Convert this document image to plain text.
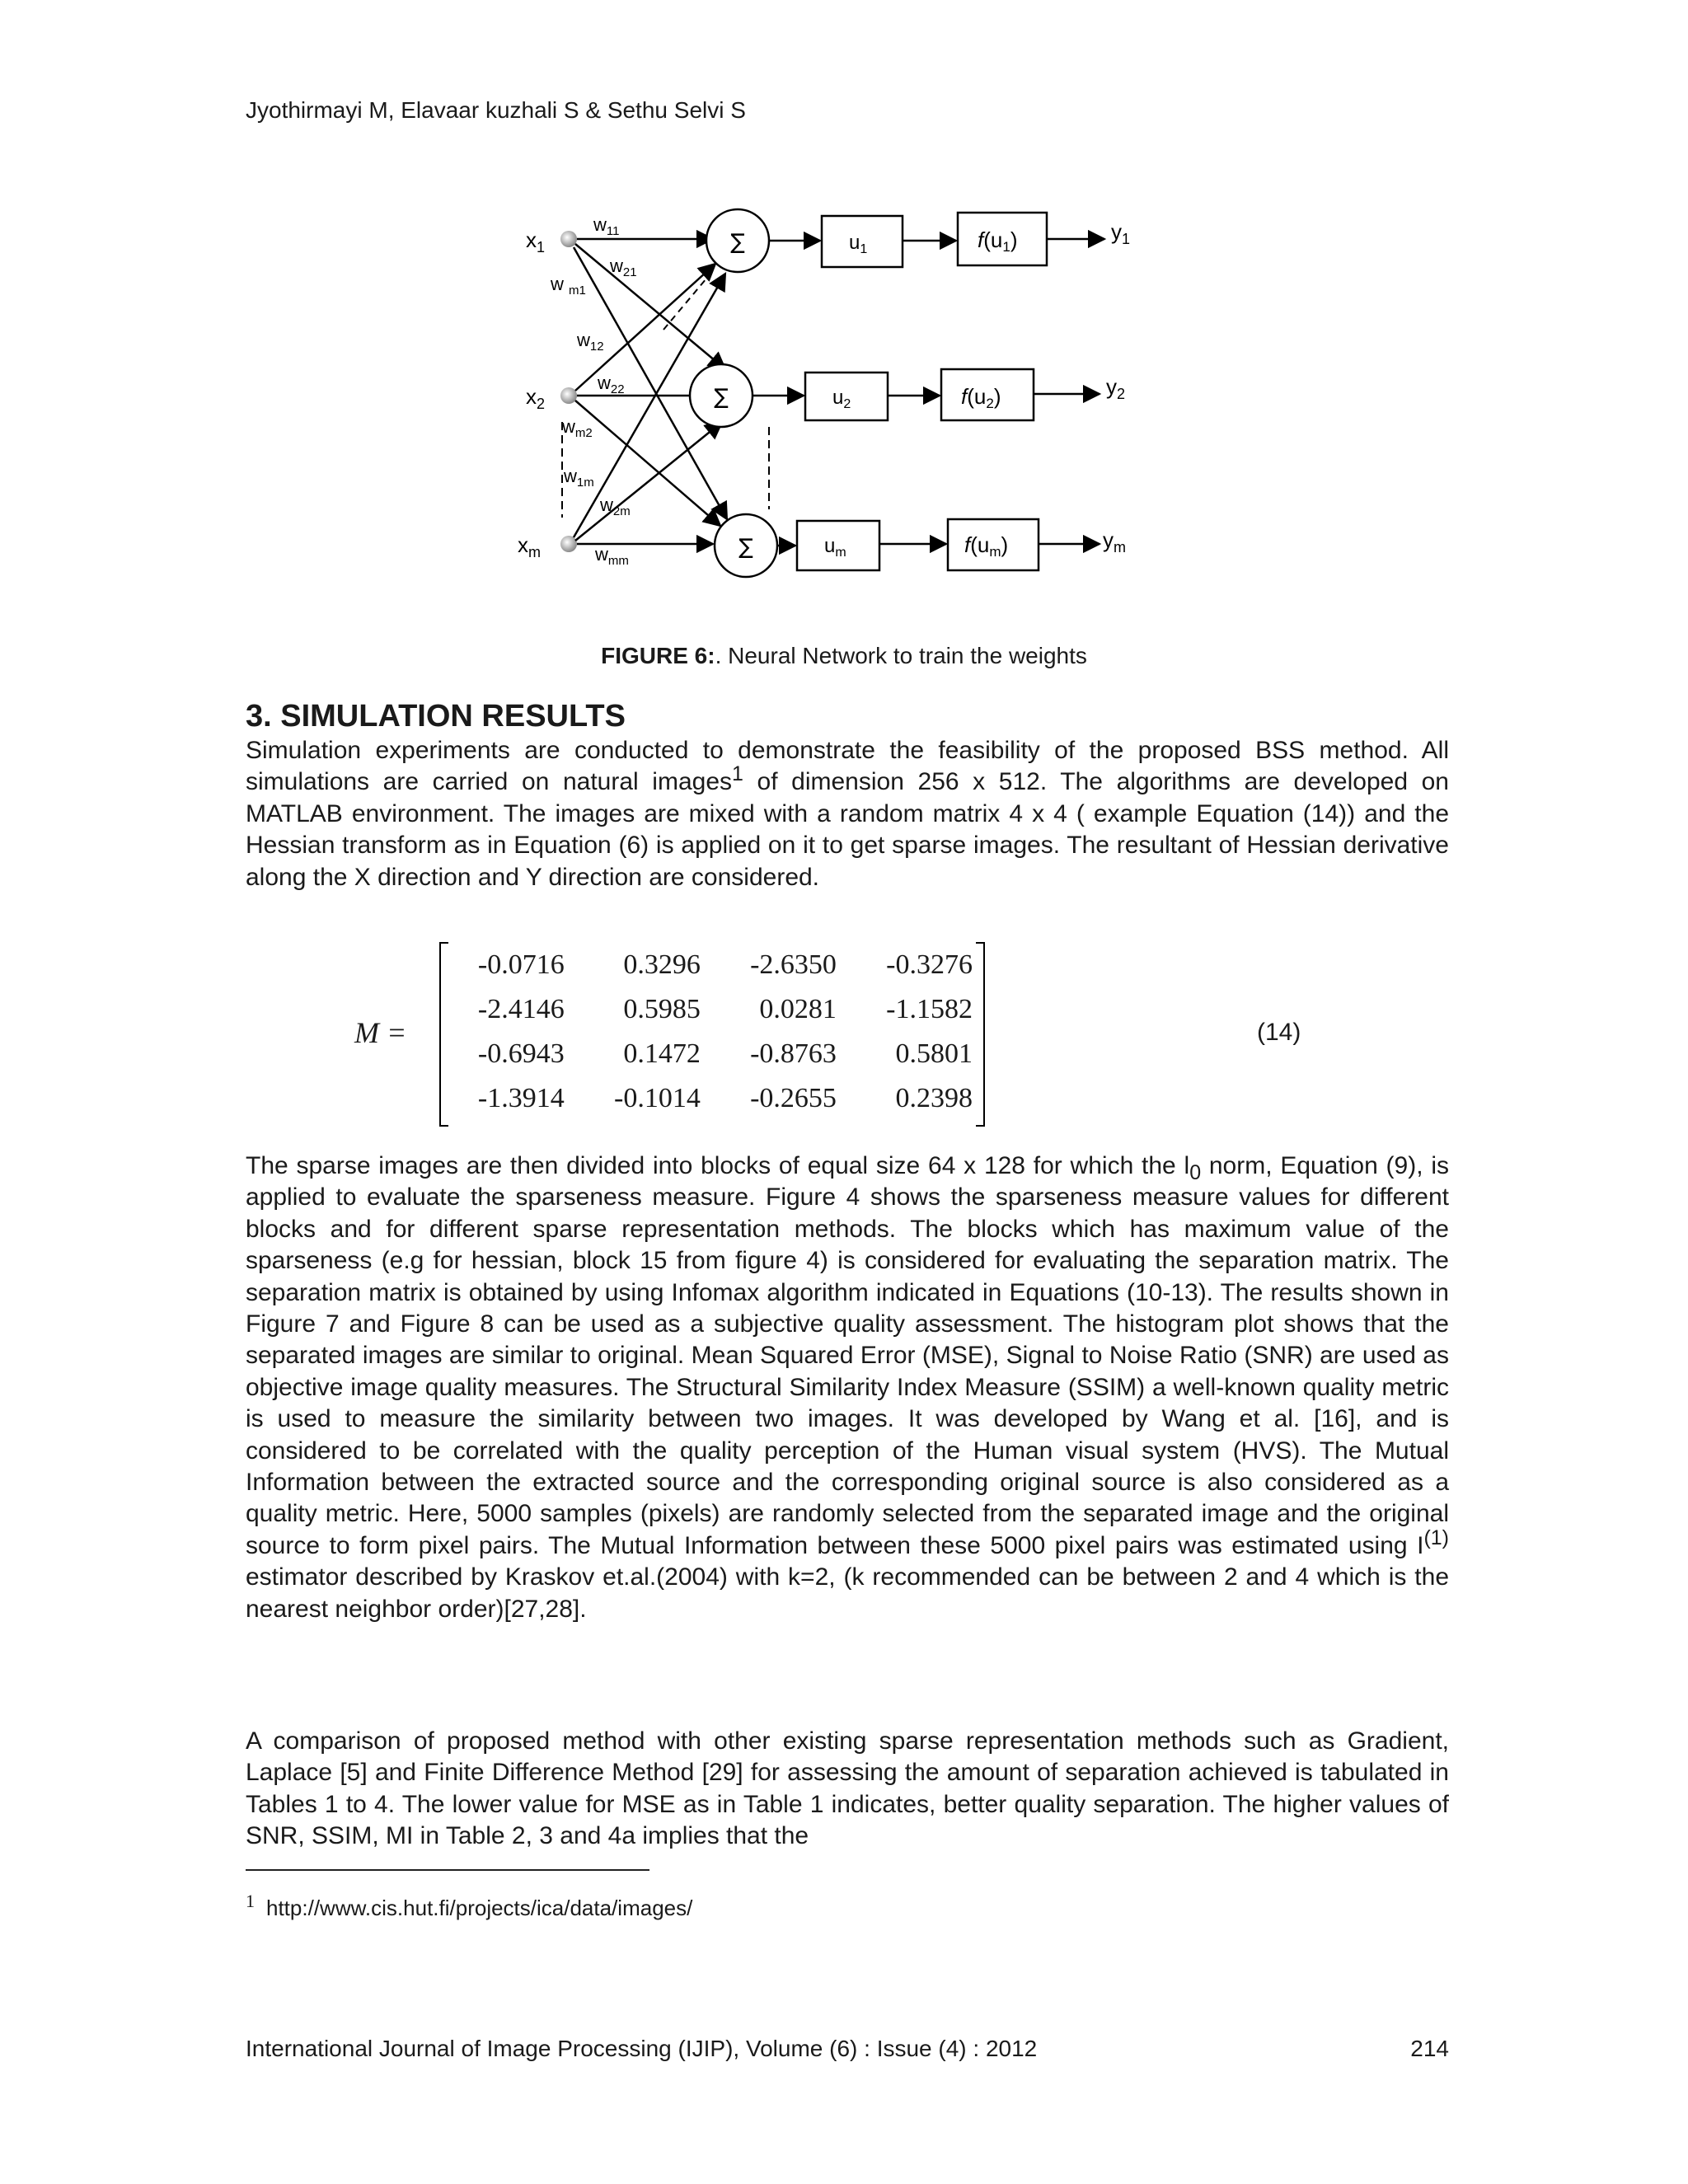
Jyothirmayi M, Elavaar kuzhali S & Sethu Selvi S
$x_1$
$x_2$
$x_m$
$w_{11}$
$w_{21}$
w $_{m1}$
$w_{12}$
$w_{22}$
$w_{m2}$
$w_{1m}$
$w_{2m}$
$w_{mm}$
∑
∑
∑
$u_1$
$u_2$
$u_m$
f(u1)
f(u2)
f(um)
$y_1$
$y_2$
$y_m$
FIGURE 6:. Neural Network to train the weights
3. SIMULATION RESULTS

Simulation experiments are conducted to demonstrate the feasibility of the proposed BSS method. All simulations are carried on natural images$^1$ of dimension 256 x 512. The algorithms are developed on MATLAB environment. The images are mixed with a random matrix 4 x 4 ( example Equation (14)) and the Hessian transform as in Equation (6) is applied on it to get sparse images. The resultant of Hessian derivative along the X direction and Y direction are considered.

M =
-0.0716	0.3296	-2.6350	-0.3276
-2.4146	0.5985	0.0281	-1.1582
-0.6943	0.1472	-0.8763	0.5801
-1.3914	-0.1014	-0.2655	0.2398
(14)

The sparse images are then divided into blocks of equal size 64 x 128 for which the $l_0$ norm, Equation (9), is applied to evaluate the sparseness measure. Figure 4 shows the sparseness measure values for different blocks and for different sparse representation methods. The blocks which has maximum value of the sparseness (e.g for hessian, block 15 from figure 4) is considered for evaluating the separation matrix. The separation matrix is obtained by using Infomax algorithm indicated in Equations (10-13). The results shown in Figure 7 and Figure 8 can be used as a subjective quality assessment. The histogram plot shows that the separated images are similar to original. Mean Squared Error (MSE), Signal to Noise Ratio (SNR) are used as objective image quality measures. The Structural Similarity Index Measure (SSIM) a well-known quality metric is used to measure the similarity between two images. It was developed by Wang et al. [16], and is considered to be correlated with the quality perception of the Human visual system (HVS). The Mutual Information between the extracted source and the corresponding original source is also considered as a quality metric. Here, 5000 samples (pixels) are randomly selected from the separated image and the original source to form pixel pairs. The Mutual Information between these 5000 pixel pairs was estimated using $I^{(1)}$ estimator described by Kraskov et.al.(2004) with k=2, (k recommended can be between 2 and 4 which is the nearest neighbor order)[27,28].

A comparison of proposed method with other existing sparse representation methods such as Gradient, Laplace [5] and Finite Difference Method [29] for assessing the amount of separation achieved is tabulated in Tables 1 to 4. The lower value for MSE as in Table 1 indicates, better quality separation. The higher values of SNR, SSIM, MI in Table 2, 3 and 4a implies that the

$^1$ http://www.cis.hut.fi/projects/ica/data/images/
International Journal of Image Processing (IJIP), Volume (6) : Issue (4) : 2012	214
